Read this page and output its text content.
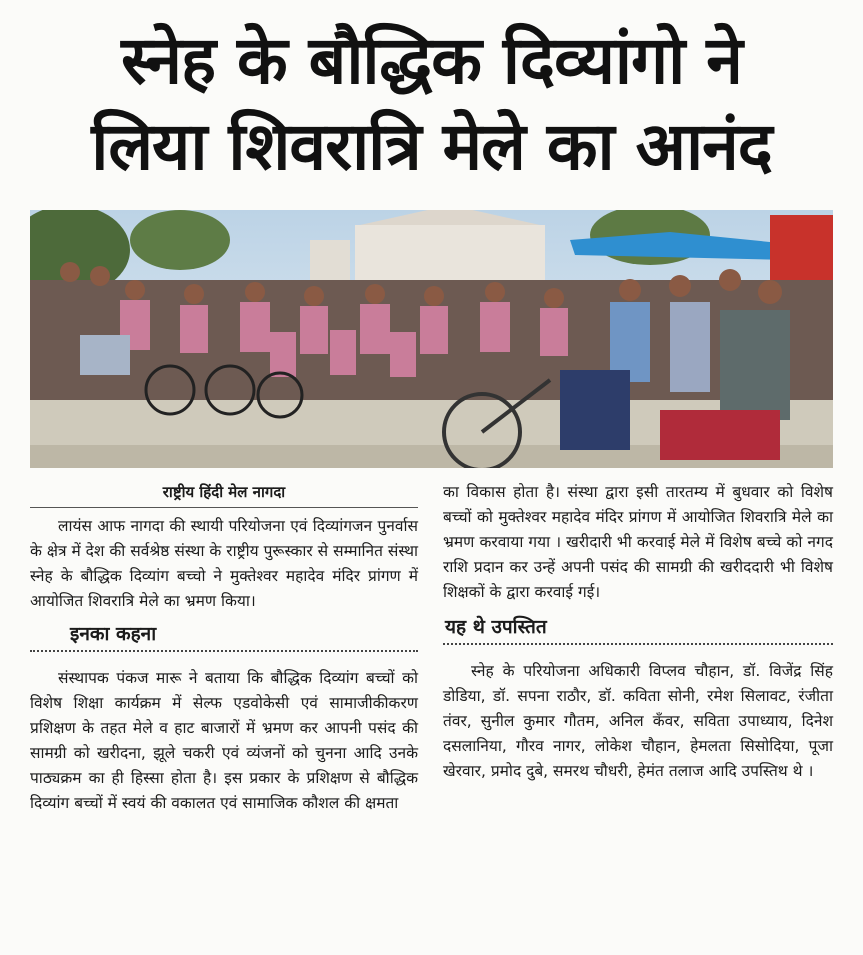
स्नेह के बौद्धिक दिव्यांगो ने
लिया शिवरात्रि मेले का आनंद
राष्ट्रीय हिंदी मेल नागदा

लायंस आफ नागदा की स्थायी परियोजना एवं दिव्यांगजन पुनर्वास के क्षेत्र में देश की सर्वश्रेष्ठ संस्था के राष्ट्रीय पुरूस्कार से सम्मानित संस्था स्नेह के बौद्धिक दिव्यांग बच्चो ने मुक्तेश्वर महादेव मंदिर प्रांगण में आयोजित शिवरात्रि मेले का भ्रमण किया।

इनका कहना

संस्थापक पंकज मारू ने बताया कि बौद्धिक दिव्यांग बच्चों को विशेष शिक्षा कार्यक्रम में सेल्फ एडवोकेसी एवं सामाजीकीकरण प्रशिक्षण के तहत मेले व हाट बाजारों में भ्रमण कर आपनी पसंद की सामग्री को खरीदना, झूले चकरी एवं व्यंजनों को चुनना आदि उनके पाठ्यक्रम का ही हिस्सा होता है। इस प्रकार के प्रशिक्षण से बौद्धिक दिव्यांग बच्चों में स्वयं की वकालत एवं सामाजिक कौशल की क्षमता

का विकास होता है। संस्था द्वारा इसी तारतम्य में बुधवार को विशेष बच्चों को मुक्तेश्वर महादेव मंदिर प्रांगण में आयोजित शिवरात्रि मेले का भ्रमण करवाया गया । खरीदारी भी करवाई मेले में विशेष बच्चे को नगद राशि प्रदान कर उन्हें अपनी पसंद की सामग्री की खरीददारी भी विशेष शिक्षकों के द्वारा करवाई गई।

यह थे उपस्तित

स्नेह के परियोजना अधिकारी विप्लव चौहान, डॉ. विजेंद्र सिंह डोडिया, डॉ. सपना राठौर, डॉ. कविता सोनी, रमेश सिलावट, रंजीता तंवर, सुनील कुमार गौतम, अनिल कँवर, सविता उपाध्याय, दिनेश दसलानिया, गौरव नागर, लोकेश चौहान, हेमलता सिसोदिया, पूजा खेरवार, प्रमोद दुबे, समरथ चौधरी, हेमंत तलाज आदि उपस्तिथ थे ।
